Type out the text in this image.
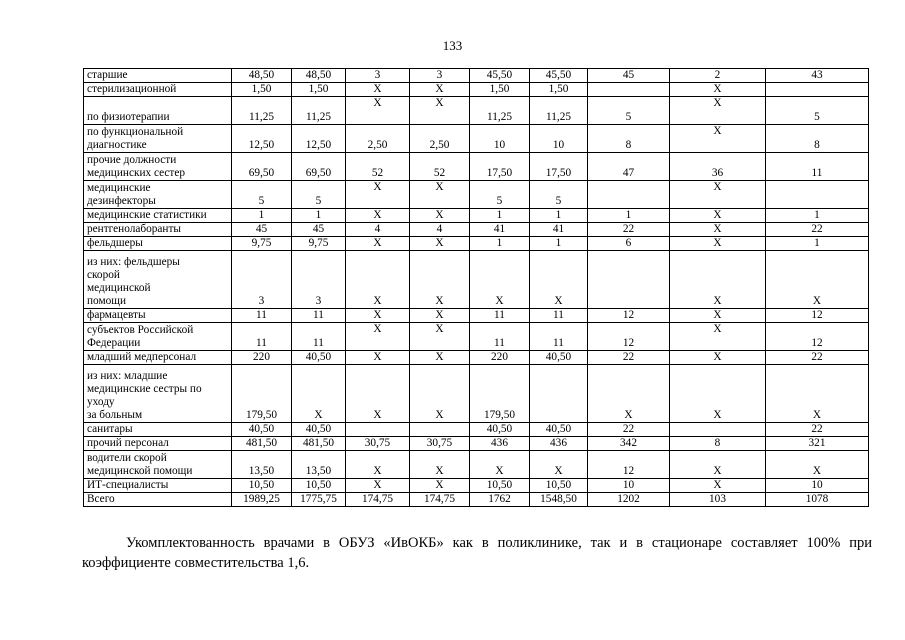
133
старшие	48,50	48,50	3	3	45,50	45,50	45	2	43
стерилизационной	1,50	1,50	Х	Х	1,50	1,50		Х	
по физиотерапии	11,25	11,25	Х	Х	11,25	11,25	5	Х	5
по функциональной
диагностике	12,50	12,50	2,50	2,50	10	10	8	Х	8
прочие должности
медицинских сестер	69,50	69,50	52	52	17,50	17,50	47	36	11
медицинские
дезинфекторы	5	5	Х	Х	5	5		Х	
медицинские статистики	1	1	Х	Х	1	1	1	Х	1
рентгенолаборанты	45	45	4	4	41	41	22	Х	22
фельдшеры	9,75	9,75	Х	Х	1	1	6	Х	1
из них: фельдшеры
скорой
медицинской
помощи	3	3	Х	Х	Х	Х		Х	Х
фармацевты	11	11	Х	Х	11	11	12	Х	12
субъектов Российской
Федерации	11	11	Х	Х	11	11	12	Х	12
младший медперсонал	220	40,50	Х	Х	220	40,50	22	Х	22
из них: младшие
медицинские сестры по
уходу
за больным	179,50	Х	Х	Х	179,50		Х	Х	Х
санитары	40,50	40,50			40,50	40,50	22		22
прочий персонал	481,50	481,50	30,75	30,75	436	436	342	8	321
водители скорой
медицинской помощи	13,50	13,50	Х	Х	Х	Х	12	Х	Х
ИТ-специалисты	10,50	10,50	Х	Х	10,50	10,50	10	Х	10
Всего	1989,25	1775,75	174,75	174,75	1762	1548,50	1202	103	1078
Укомплектованность врачами в ОБУЗ «ИвОКБ» как в поликлинике, так и в стационаре составляет 100% при коэффициенте совместительства 1,6.
